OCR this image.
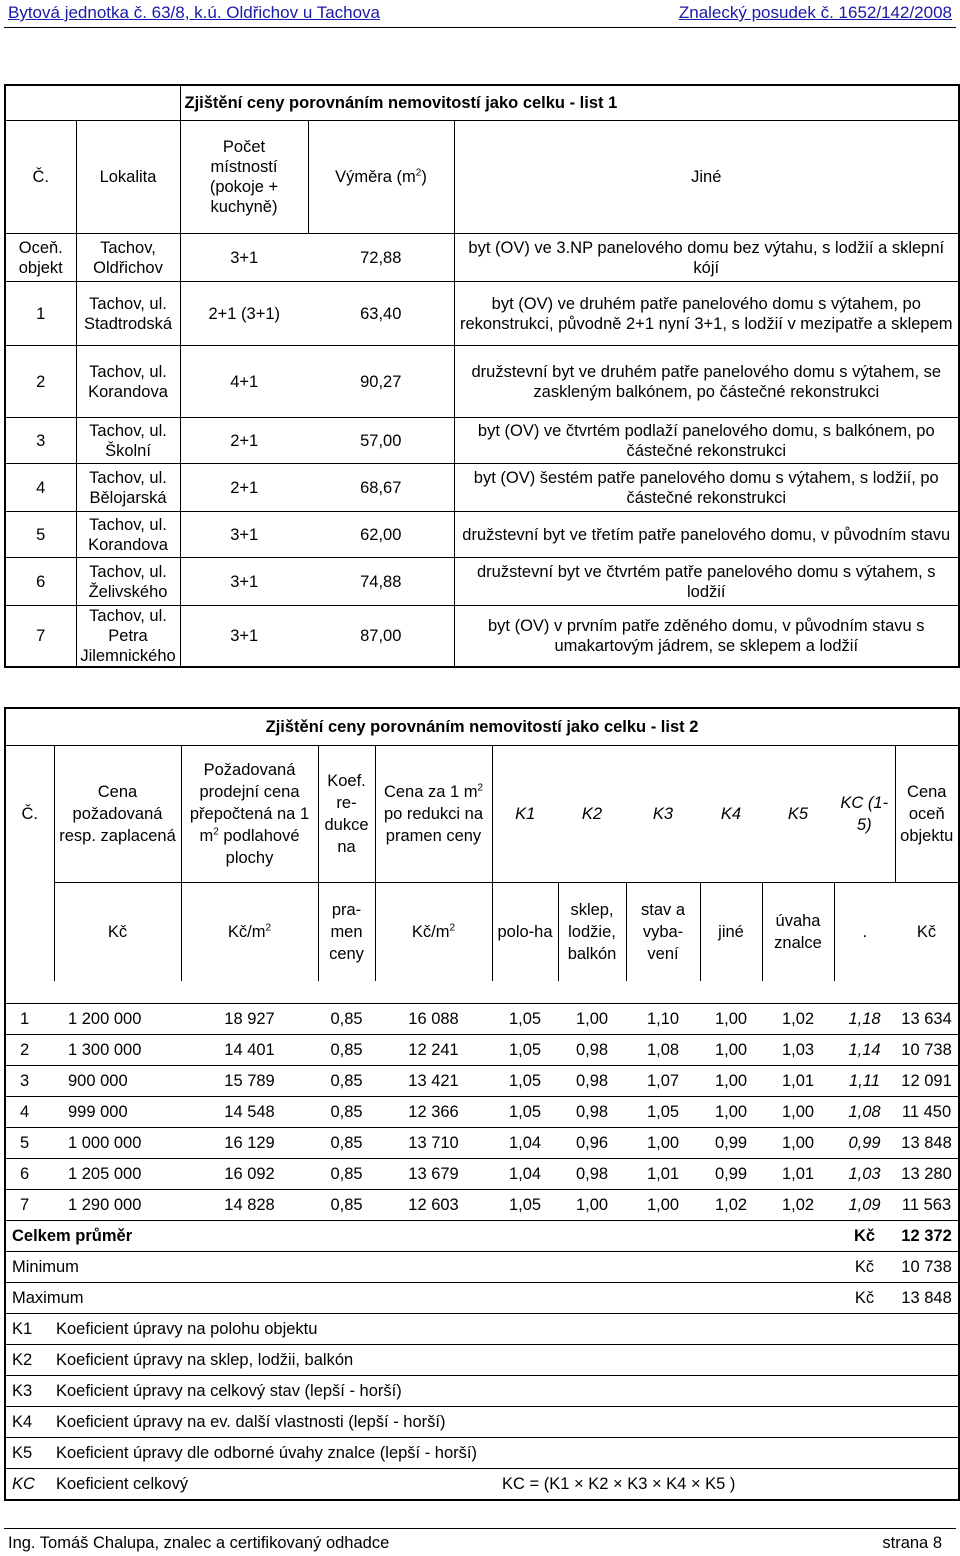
Bytová jednotka č. 63/8, k.ú. Oldřichov u Tachova	Znalecký posudek č. 1652/142/2008
		Zjištění ceny porovnáním nemovitostí jako celku - list 1		
Č.	Lokalita	Počet místností (pokoje + kuchyně)	Výměra $(m^2)$	Jiné
Oceň. objekt	Tachov, Oldřichov	3+1	72,88	byt (OV) ve 3.NP panelového domu bez výtahu, s lodžií a sklepní kójí
1	Tachov, ul. Stadtrodská	2+1 (3+1)	63,40	byt (OV) ve druhém patře panelového domu s výtahem, po rekonstrukci, původně 2+1 nyní 3+1, s lodžií v mezipatře a sklepem
2	Tachov, ul. Korandova	4+1	90,27	družstevní byt ve druhém patře panelového domu s výtahem, se zaskleným balkónem, po částečné rekonstrukci
3	Tachov, ul. Školní	2+1	57,00	byt (OV) ve čtvrtém podlaží panelového domu, s balkónem, po částečné rekonstrukci
4	Tachov, ul. Bělojarská	2+1	68,67	byt (OV) šestém patře panelového domu s výtahem, s lodžií, po částečné rekonstrukci
5	Tachov, ul. Korandova	3+1	62,00	družstevní byt ve třetím patře panelového domu, v původním stavu
6	Tachov, ul. Želivského	3+1	74,88	družstevní byt ve čtvrtém patře panelového domu s výtahem, s lodžií
7	Tachov, ul. Petra Jilemnického	3+1	87,00	byt (OV) v prvním patře zděného domu, v původním stavu s umakartovým jádrem, se sklepem a lodžií
Zjištění ceny porovnáním nemovitostí jako celku - list 2											
Č.	Cena požadovaná resp. zaplacená	Požadovaná prodejní cena přepočtená na 1 $m^2$ podlahové plochy	Koef. re-dukce na	Cena za 1 $m^2$ po redukci na pramen ceny	K1	K2	K3	K4	K5	KC (1-5)	Cena oceň objektu
	Kč	$Kč/m^2$	pra-men ceny	$Kč/m^2$	polo-ha	sklep, lodžie, balkón	stav a vyba-vení	jiné	úvaha znalce	.	Kč

1	1 200 000	18 927	0,85	16 088	1,05	1,00	1,10	1,00	1,02	1,18	13 634
2	1 300 000	14 401	0,85	12 241	1,05	0,98	1,08	1,00	1,03	1,14	10 738
3	900 000	15 789	0,85	13 421	1,05	0,98	1,07	1,00	1,01	1,11	12 091
4	999 000	14 548	0,85	12 366	1,05	0,98	1,05	1,00	1,00	1,08	11 450
5	1 000 000	16 129	0,85	13 710	1,04	0,96	1,00	0,99	1,00	0,99	13 848
6	1 205 000	16 092	0,85	13 679	1,04	0,98	1,01	0,99	1,01	1,03	13 280
7	1 290 000	14 828	0,85	12 603	1,05	1,00	1,00	1,02	1,02	1,09	11 563
Celkem průměr										Kč	12 372
Minimum										Kč	10 738
Maximum										Kč	13 848
K1	Koeficient úpravy na polohu objektu										
K2	Koeficient úpravy na sklep, lodžii, balkón										
K3	Koeficient úpravy na celkový stav (lepší - horší)										
K4	Koeficient úpravy na ev. další vlastnosti (lepší - horší)										
K5	Koeficient úpravy dle odborné úvahy znalce (lepší - horší)										
KC	Koeficient celkový				KC = (K1 × K2 × K3 × K4 × K5 )						
Ing. Tomáš Chalupa, znalec a certifikovaný odhadce	strana 8
